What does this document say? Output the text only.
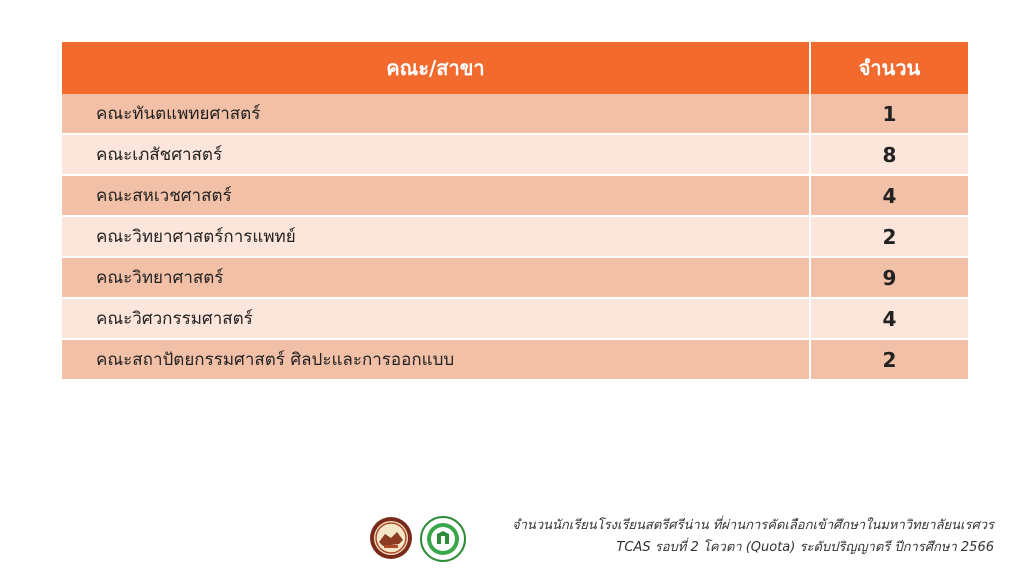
คณะ/สาขา	จำนวน
คณะทันตแพทยศาสตร์	1
คณะเภสัชศาสตร์	8
คณะสหเวชศาสตร์	4
คณะวิทยาศาสตร์การแพทย์	2
คณะวิทยาศาสตร์	9
คณะวิศวกรรมศาสตร์	4
คณะสถาปัตยกรรมศาสตร์ ศิลปะและการออกแบบ	2
จำนวนนักเรียนโรงเรียนสตรีศรีน่าน ที่ผ่านการคัดเลือกเข้าศึกษาในมหาวิทยาลัยนเรศวร
TCAS รอบที่ 2 โควตา (Quota) ระดับปริญญาตรี ปีการศึกษา 2566
